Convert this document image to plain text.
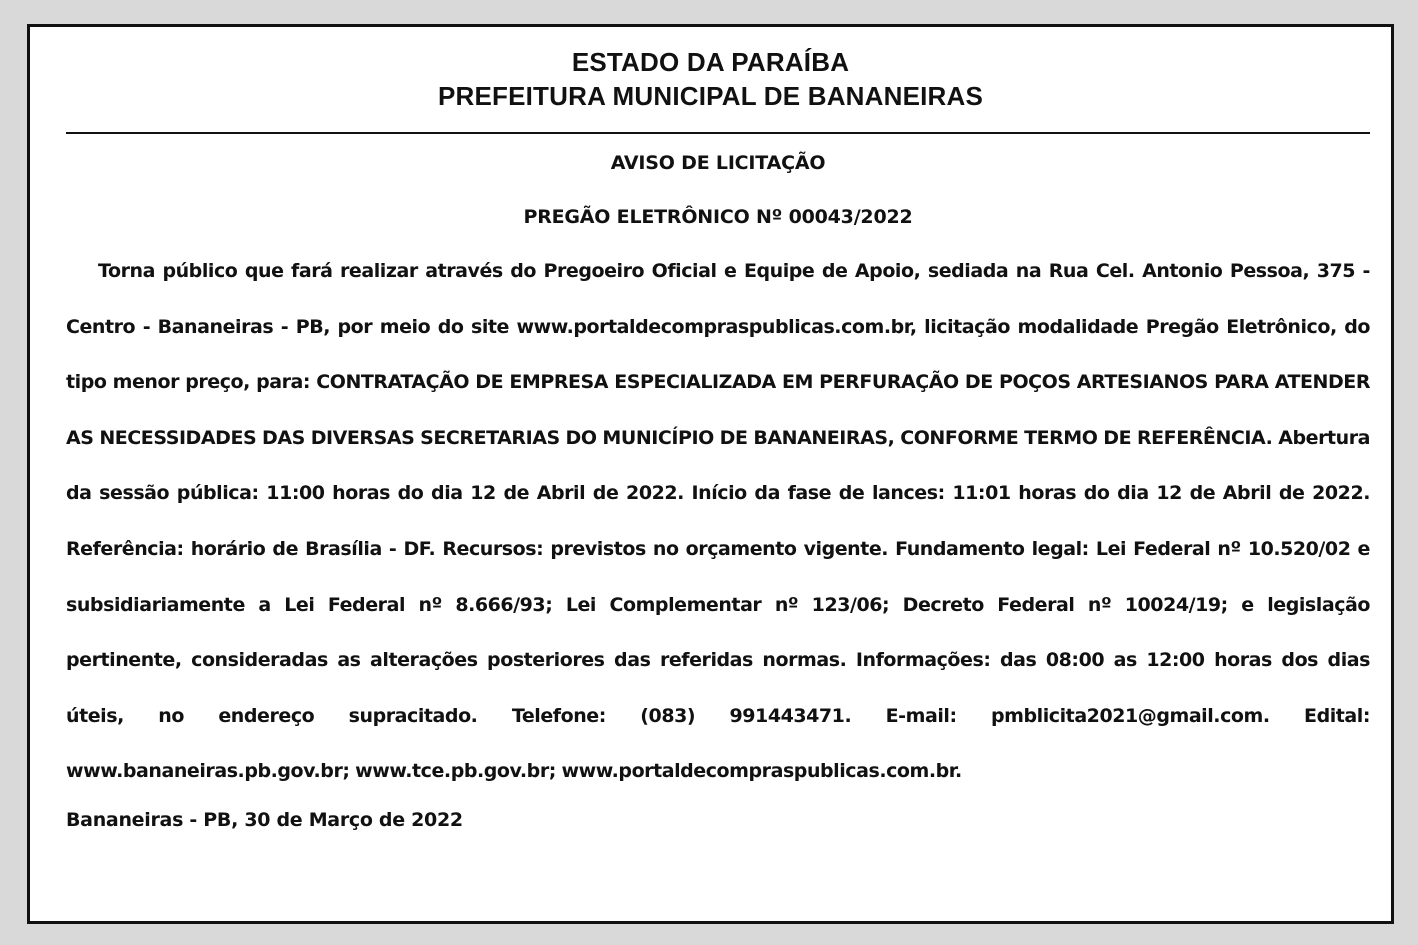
ESTADO DA PARAÍBA
PREFEITURA MUNICIPAL DE BANANEIRAS
AVISO DE LICITAÇÃO
PREGÃO ELETRÔNICO Nº 00043/2022

Torna público que fará realizar através do Pregoeiro Oficial e Equipe de Apoio, sediada na Rua Cel. Antonio Pessoa, 375 - Centro - Bananeiras - PB, por meio do site www.portaldecompraspublicas.com.br, licitação modalidade Pregão Eletrônico, do tipo menor preço, para: CONTRATAÇÃO DE EMPRESA ESPECIALIZADA EM PERFURAÇÃO DE POÇOS ARTESIANOS PARA ATENDER AS NECESSIDADES DAS DIVERSAS SECRETARIAS DO MUNICÍPIO DE BANANEIRAS, CONFORME TERMO DE REFERÊNCIA. Abertura da sessão pública: 11:00 horas do dia 12 de Abril de 2022. Início da fase de lances: 11:01 horas do dia 12 de Abril de 2022. Referência: horário de Brasília - DF. Recursos: previstos no orçamento vigente. Fundamento legal: Lei Federal nº 10.520/02 e subsidiariamente a Lei Federal nº 8.666/93; Lei Complementar nº 123/06; Decreto Federal nº 10024/19; e legislação pertinente, consideradas as alterações posteriores das referidas normas. Informações: das 08:00 as 12:00 horas dos dias úteis, no endereço supracitado. Telefone: (083) 991443471. E-mail: pmblicita2021@gmail.com. Edital: www.bananeiras.pb.gov.br; www.tce.pb.gov.br; www.portaldecompraspublicas.com.br.

Bananeiras - PB, 30 de Março de 2022
